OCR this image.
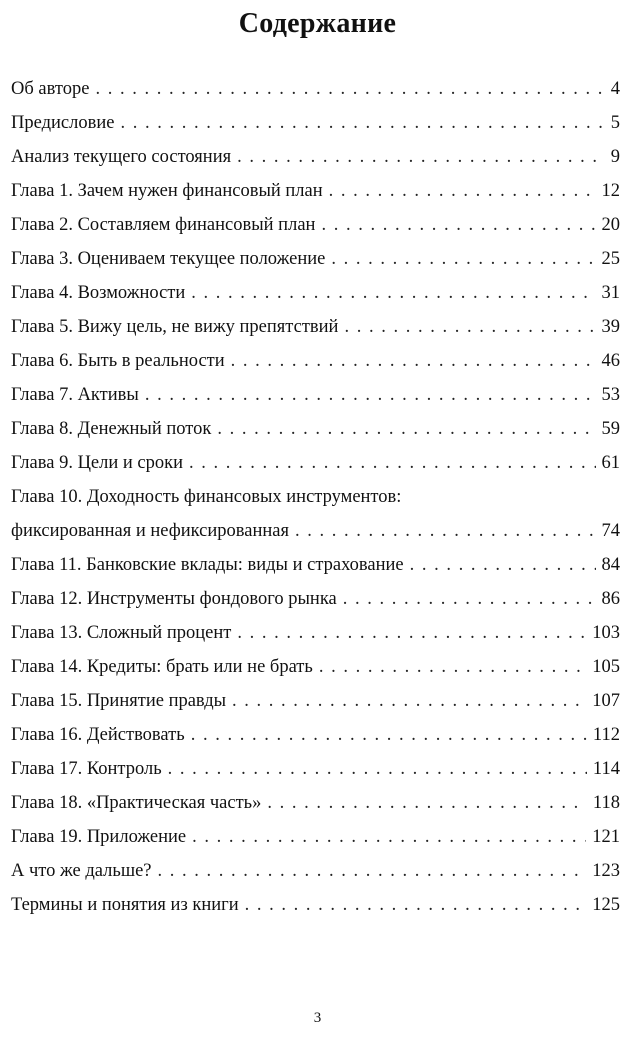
Содержание
Об авторе . . .	4
Предисловие . . .	5
Анализ текущего состояния . . .	9
Глава 1. Зачем нужен финансовый план . . .	12
Глава 2. Составляем финансовый план . . .	20
Глава 3. Оцениваем текущее положение . . .	25
Глава 4. Возможности . . .	31
Глава 5. Вижу цель, не вижу препятствий . . .	39
Глава 6. Быть в реальности . . .	46
Глава 7. Активы . . .	53
Глава 8. Денежный поток . . .	59
Глава 9. Цели и сроки . . .	61
Глава 10. Доходность финансовых инструментов:
фиксированная и нефиксированная . . .	74
Глава 11. Банковские вклады: виды и страхование . . .	84
Глава 12. Инструменты фондового рынка . . .	86
Глава 13. Сложный процент . . .	103
Глава 14. Кредиты: брать или не брать . . .	105
Глава 15. Принятие правды . . .	107
Глава 16. Действовать . . .	112
Глава 17. Контроль . . .	114
Глава 18. «Практическая часть» . . .	118
Глава 19. Приложение . . .	121
А что же дальше? . . .	123
Термины и понятия из книги . . .	125
3
